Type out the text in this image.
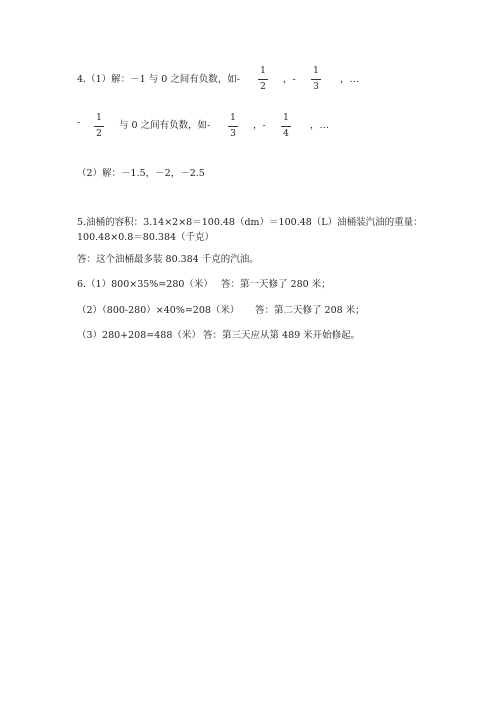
4.（1）解：－1 与 0 之间有负数，如-
1
2
，-
1
3
，…
- 1
2
与 0 之间有负数，如-
1
3
，-
1
4
，…
（2）解：－1.5，－2，－2.5
5.油桶的容积：3.14×2×8＝100.48（dm）＝100.48（L）油桶装汽油的重量：
100.48×0.8＝80.384（千克）
答：这个油桶最多装 80.384 千克的汽油。
6.（1）800×35%=280（米） 答：第一天修了 280 米；
（2）（800-280）×40%=208（米） 答：第二天修了 208 米；
（3）280+208=488（米） 答：第三天应从第 489 米开始修起。
